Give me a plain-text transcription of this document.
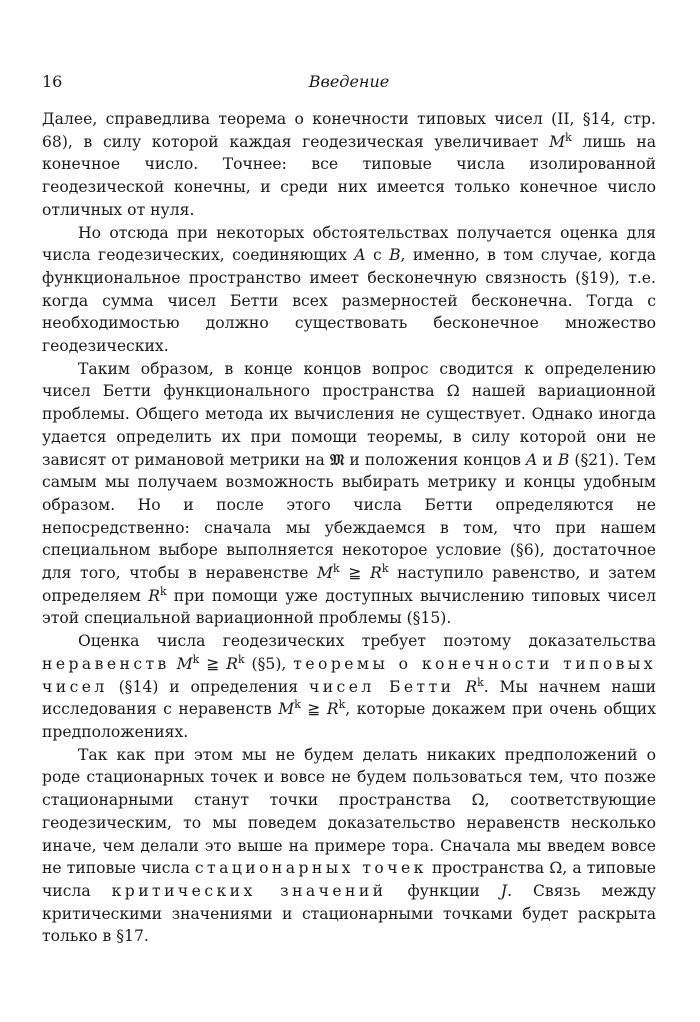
16	Введение

Далее, справедлива теорема о конечности типовых чисел (II, §14, стр. 68), в силу которой каждая геодезическая увеличивает $M^k$ лишь на конечное число. Точнее: все типовые числа изолированной геодезической конечны, и среди них имеется только конечное число отличных от нуля.

Но отсюда при некоторых обстоятельствах получается оценка для числа геодезических, соединяющих A с B, именно, в том случае, когда функциональное пространство имеет бесконечную связность (§19), т.е. когда сумма чисел Бетти всех размерностей бесконечна. Тогда с необходимостью должно существовать бесконечное множество геодезических.

Таким образом, в конце концов вопрос сводится к определению чисел Бетти функционального пространства Ω нашей вариационной проблемы. Общего метода их вычисления не существует. Однако иногда удается определить их при помощи теоремы, в силу которой они не зависят от римановой метрики на 𝔐 и положения концов A и B (§21). Тем самым мы получаем возможность выбирать метрику и концы удобным образом. Но и после этого числа Бетти определяются не непосредственно: сначала мы убеждаемся в том, что при нашем специальном выборе выполняется некоторое условие (§6), достаточное для того, чтобы в неравенстве $M^k$ ≧ $R^k$ наступило равенство, и затем определяем $R^k$ при помощи уже доступных вычислению типовых чисел этой специальной вариационной проблемы (§15).

Оценка числа геодезических требует поэтому доказательства неравенств $M^k$ ≧ $R^k$ (§5), теоремы о конечности типовых чисел (§14) и определения чисел Бетти $R^k$. Мы начнем наши исследования с неравенств $M^k$ ≧ $R^k$, которые докажем при очень общих предположениях.

Так как при этом мы не будем делать никаких предположений о роде стационарных точек и вовсе не будем пользоваться тем, что позже стационарными станут точки пространства Ω, соответствующие геодезическим, то мы поведем доказательство неравенств несколько иначе, чем делали это выше на примере тора. Сначала мы введем вовсе не типовые числа стационарных точек пространства Ω, а типовые числа критических значений функции J. Связь между критическими значениями и стационарными точками будет раскрыта только в §17.
